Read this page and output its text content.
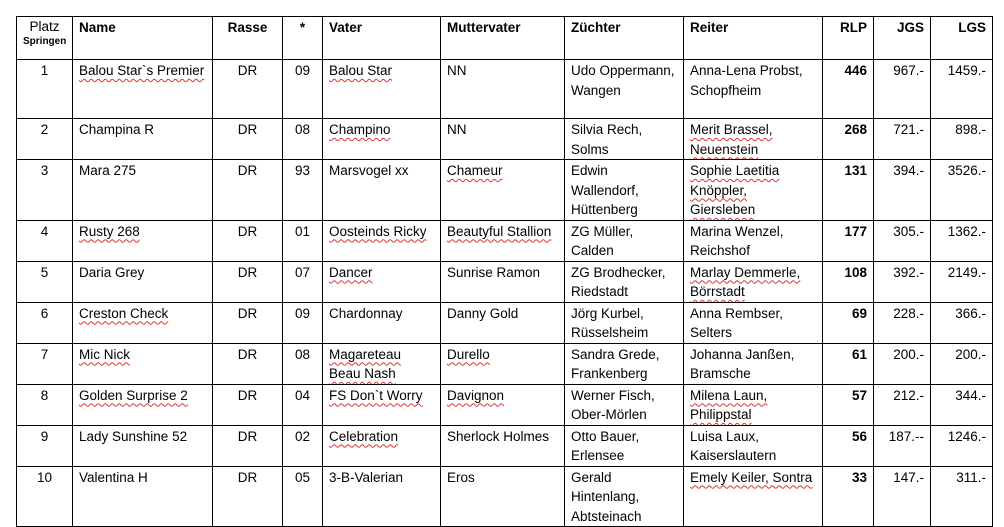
Platz
Springen	Name	Rasse	*	Vater	Muttervater	Züchter	Reiter	RLP	JGS	LGS
1	Balou Star`s Premier	DR	09	Balou Star	NN	Udo Oppermann, Wangen	Anna-Lena Probst, Schopfheim	446	967.-	1459.-
2	Champina R	DR	08	Champino	NN	Silvia Rech, Solms	Merit Brassel, Neuenstein	268	721.-	898.-
3	Mara 275	DR	93	Marsvogel xx	Chameur	Edwin Wallendorf, Hüttenberg	Sophie Laetitia Knöppler, Giersleben	131	394.-	3526.-
4	Rusty 268	DR	01	Oosteinds Ricky	Beautyful Stallion	ZG Müller, Calden	Marina Wenzel, Reichshof	177	305.-	1362.-
5	Daria Grey	DR	07	Dancer	Sunrise Ramon	ZG Brodhecker, Riedstadt	Marlay Demmerle, Börrstadt	108	392.-	2149.-
6	Creston Check	DR	09	Chardonnay	Danny Gold	Jörg Kurbel, Rüsselsheim	Anna Rembser, Selters	69	228.-	366.-
7	Mic Nick	DR	08	Magareteau Beau Nash	Durello	Sandra Grede, Frankenberg	Johanna Janßen, Bramsche	61	200.-	200.-
8	Golden Surprise 2	DR	04	FS Don`t Worry	Davignon	Werner Fisch, Ober-Mörlen	Milena Laun, Philippstal	57	212.-	344.-
9	Lady Sunshine 52	DR	02	Celebration	Sherlock Holmes	Otto Bauer, Erlensee	Luisa Laux, Kaiserslautern	56	187.--	1246.-
10	Valentina H	DR	05	3-B-Valerian	Eros	Gerald Hintenlang, Abtsteinach	Emely Keiler, Sontra	33	147.-	311.-
